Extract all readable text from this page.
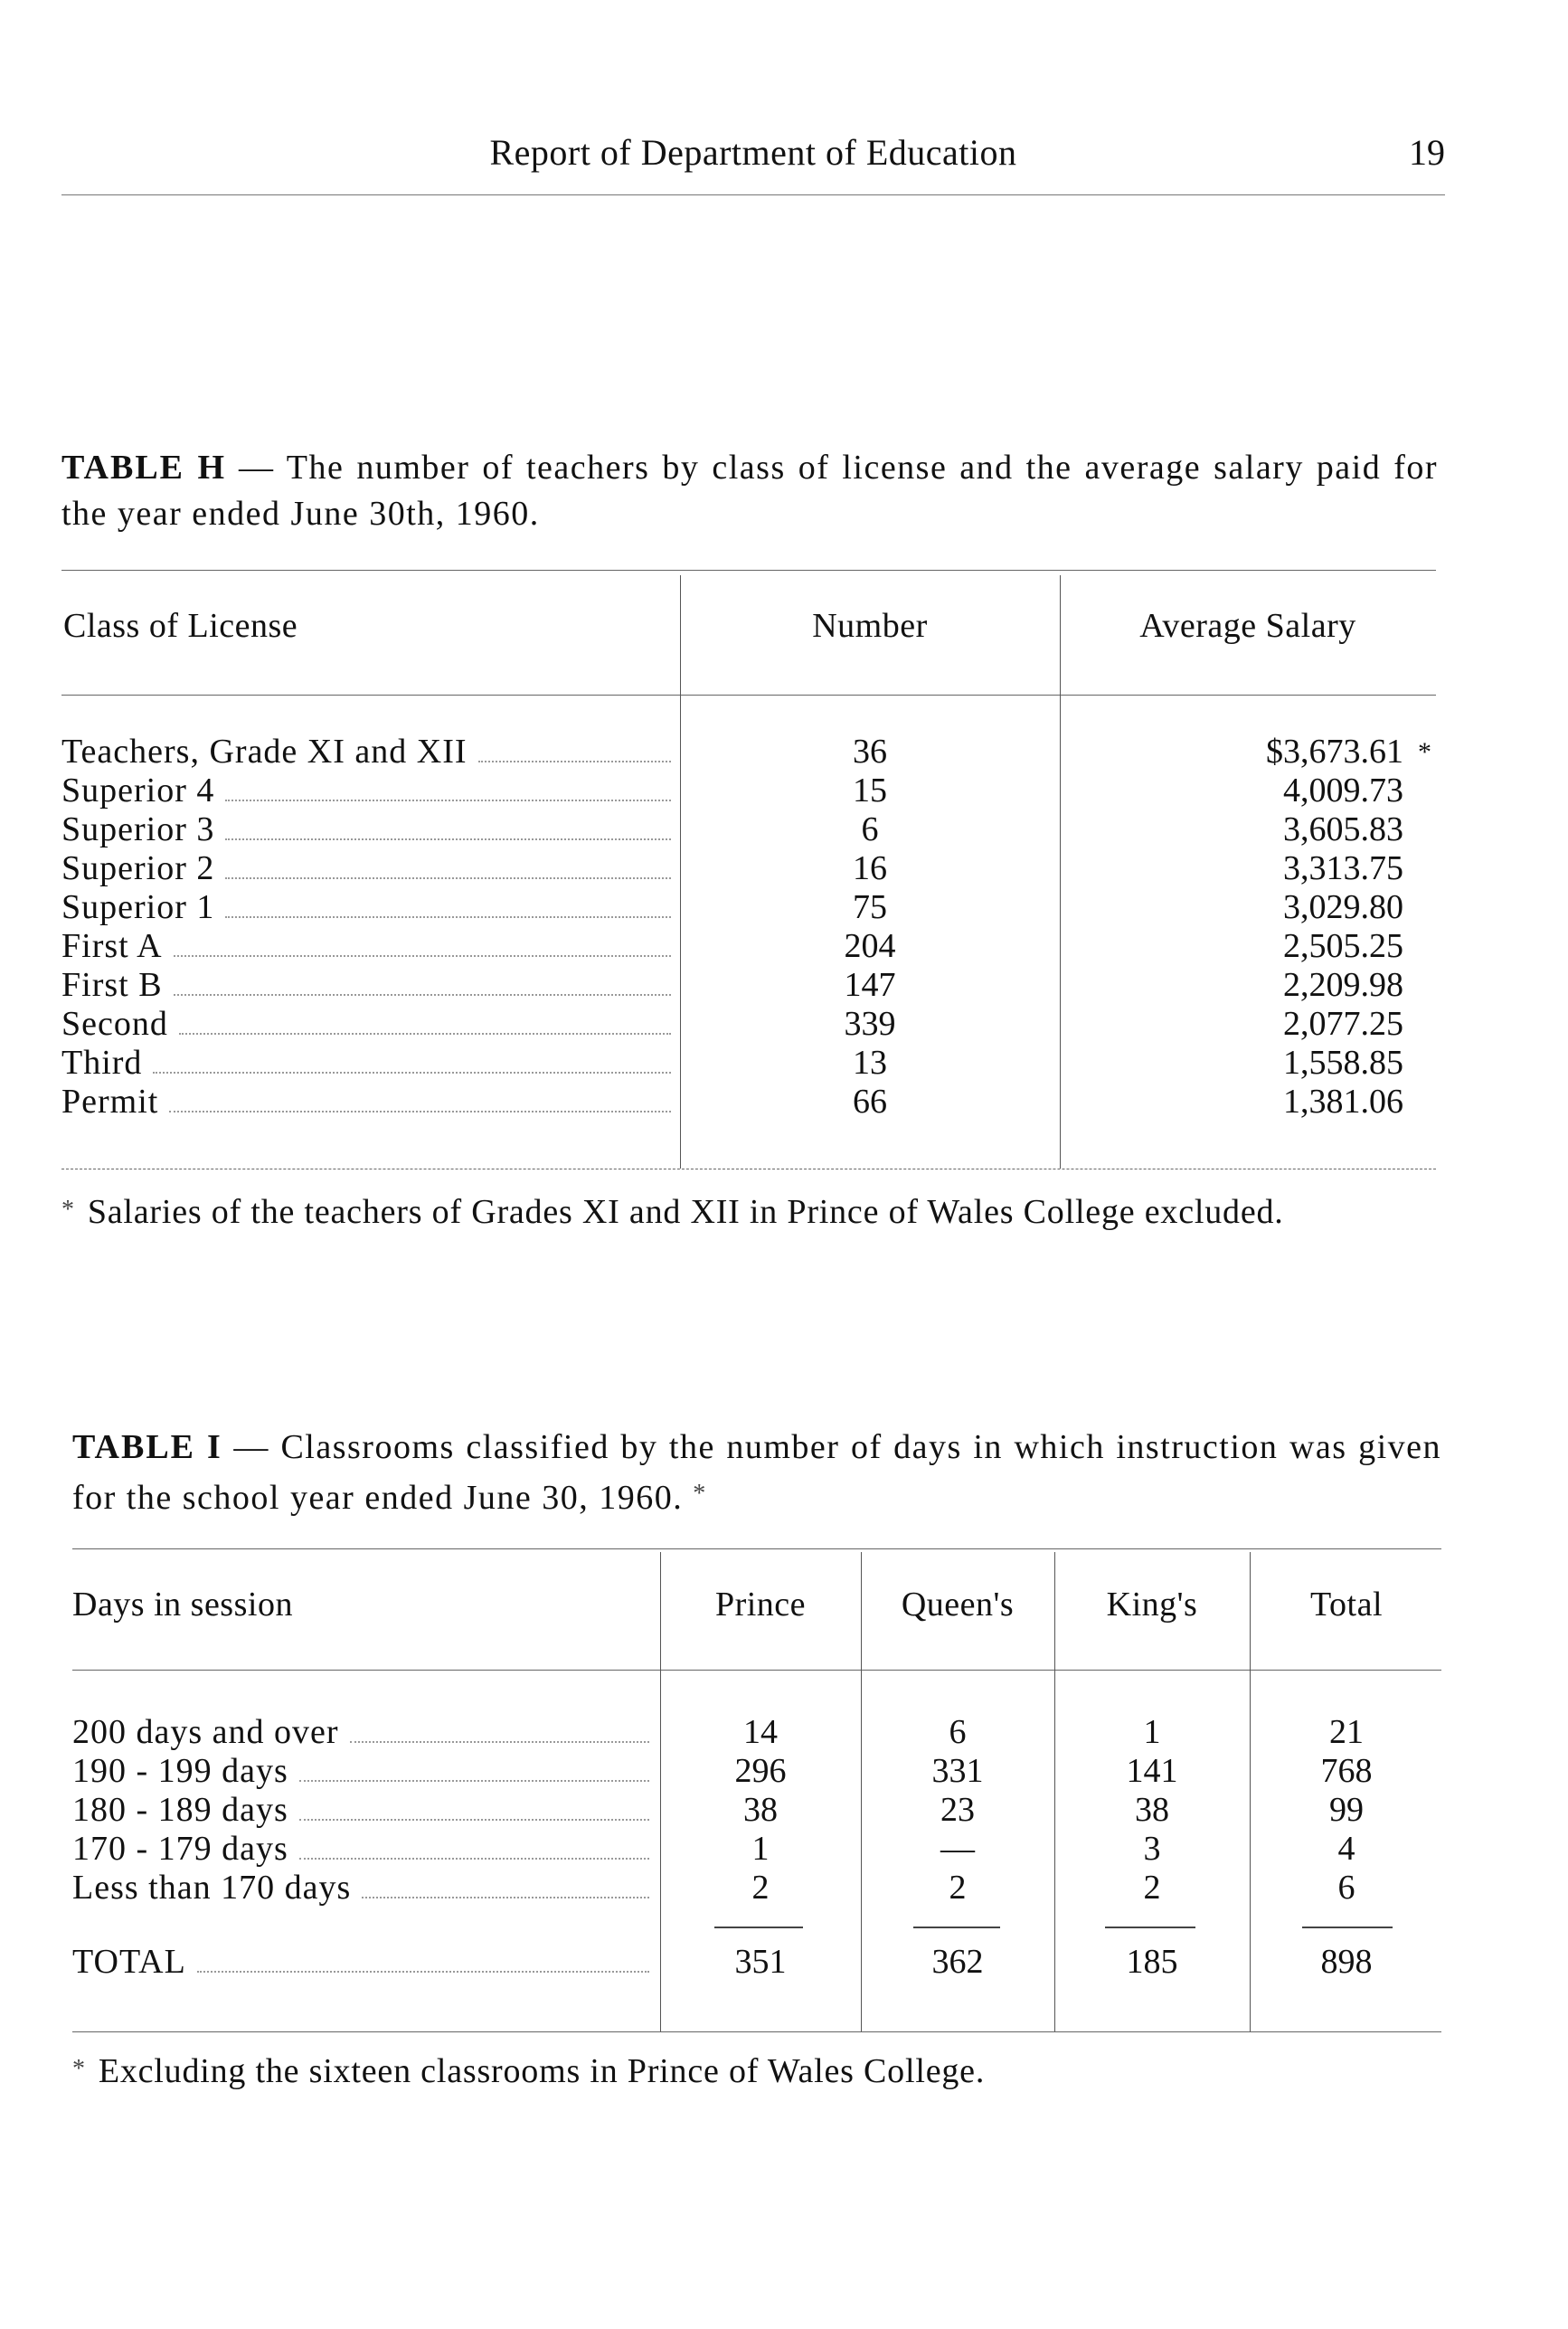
Report of Department of Education	19
TABLE H — The number of teachers by class of license and the average salary paid for the year ended June 30th, 1960.
Class of License	Number	Average Salary
Teachers, Grade XI and XII	36	$3,673.61 *
Superior 4	15	4,009.73
Superior 3	6	3,605.83
Superior 2	16	3,313.75
Superior 1	75	3,029.80
First A	204	2,505.25
First B	147	2,209.98
Second	339	2,077.25
Third	13	1,558.85
Permit	66	1,381.06
* Salaries of the teachers of Grades XI and XII in Prince of Wales College excluded.
TABLE I — Classrooms classified by the number of days in which instruction was given for the school year ended June 30, 1960. *
Days in session	Prince	Queen's	King's	Total
200 days and over	14	6	1	21
190 - 199 days	296	331	141	768
180 - 189 days	38	23	38	99
170 - 179 days	1	—	3	4
Less than 170 days	2	2	2	6
TOTAL	351	362	185	898
* Excluding the sixteen classrooms in Prince of Wales College.
